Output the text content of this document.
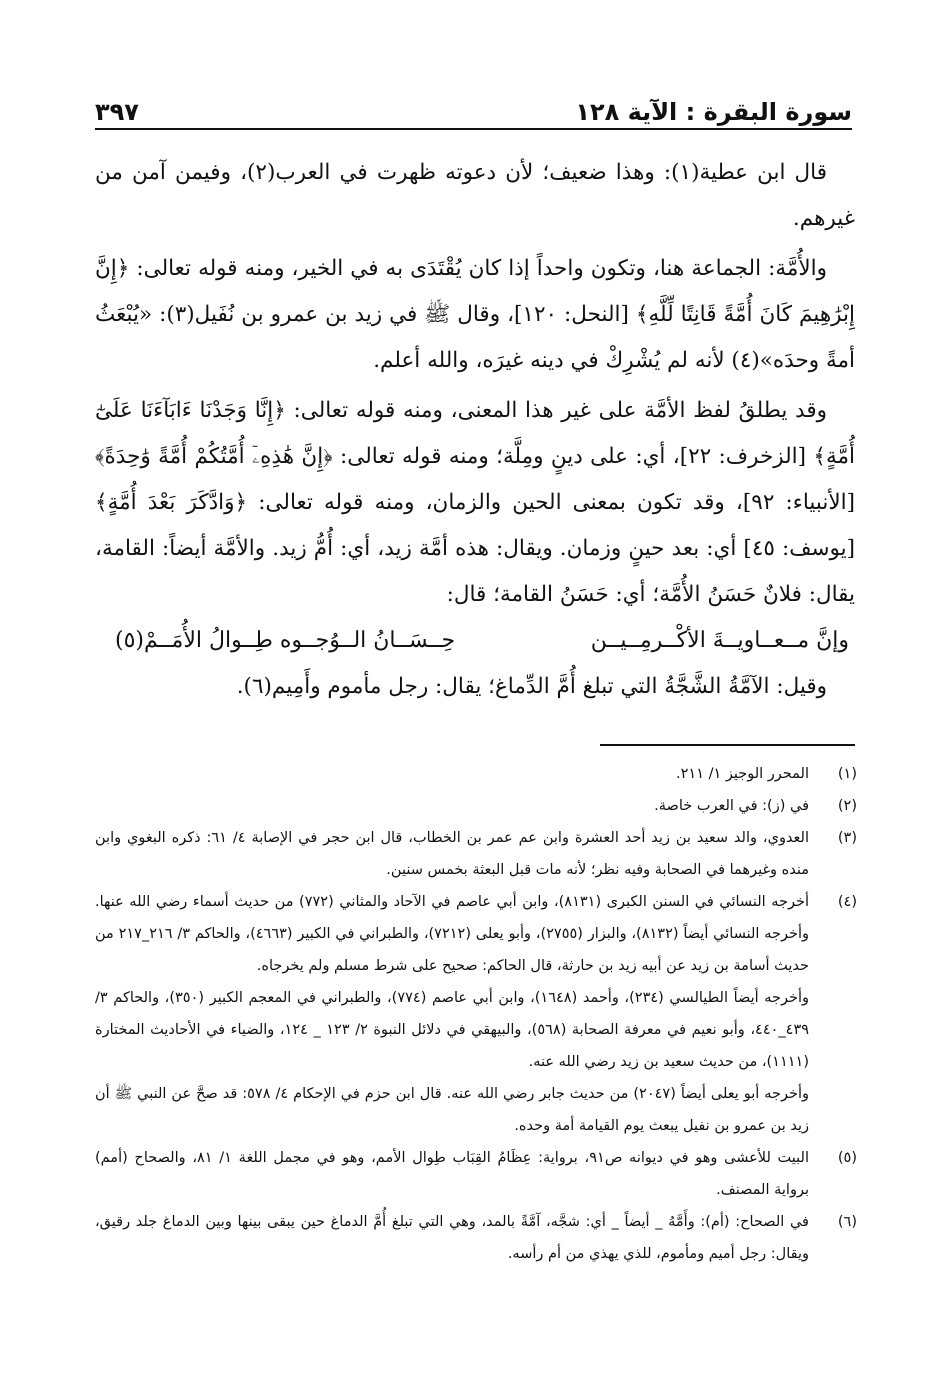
سورة البقرة : الآية ١٢٨
٣٩٧

قال ابن عطية(١): وهذا ضعيف؛ لأن دعوته ظهرت في العرب(٢)، وفيمن آمن من غيرهم.

والأُمَّة: الجماعة هنا، وتكون واحداً إذا كان يُقْتَدَى به في الخير، ومنه قوله تعالى: ﴿إِنَّ إِبْرَٰهِيمَ كَانَ أُمَّةً قَانِتًا لِّلَّهِ﴾ [النحل: ١٢٠]، وقال ﷺ في زيد بن عمرو بن نُفَيل(٣): «يُبْعَثُ أمةً وحدَه»(٤) لأنه لم يُشْرِكْ في دينه غيرَه، والله أعلم.

وقد يطلقُ لفظ الأمَّة على غير هذا المعنى، ومنه قوله تعالى: ﴿إِنَّا وَجَدْنَا ءَابَآءَنَا عَلَىٰٓ أُمَّةٍ﴾ [الزخرف: ٢٢]، أي: على دينٍ ومِلَّة؛ ومنه قوله تعالى: ﴿إِنَّ هَٰذِهِۦٓ أُمَّتُكُمْ أُمَّةً وَٰحِدَةً﴾ [الأنبياء: ٩٢]، وقد تكون بمعنى الحين والزمان، ومنه قوله تعالى: ﴿وَادَّكَرَ بَعْدَ أُمَّةٍ﴾ [يوسف: ٤٥] أي: بعد حينٍ وزمان. ويقال: هذه أمَّة زيد، أي: أُمُّ زيد. والأمَّة أيضاً: القامة، يقال: فلانٌ حَسَنُ الأُمَّة؛ أي: حَسَنُ القامة؛ قال:

وإنَّ مــعــاويــةَ الأكْــرمِــيــن
حِــسَــانُ الــوُجــوه طِــوالُ الأُمَــمْ(٥)

وقيل: الآمَّةُ الشَّجَّةُ التي تبلغ أُمَّ الدِّماغ؛ يقال: رجل مأموم وأَمِيم(٦).

(١)

المحرر الوجيز ١/ ٢١١.

(٢)

في (ز): في العرب خاصة.

(٣)

العدوي، والد سعيد بن زيد أحد العشرة وابن عم عمر بن الخطاب، قال ابن حجر في الإصابة ٤/ ٦١: ذكره البغوي وابن منده وغيرهما في الصحابة وفيه نظر؛ لأنه مات قبل البعثة بخمس سنين.

(٤)

أخرجه النسائي في السنن الكبرى (٨١٣١)، وابن أبي عاصم في الآحاد والمثاني (٧٧٢) من حديث أسماء رضي الله عنها. وأخرجه النسائي أيضاً (٨١٣٢)، والبزار (٢٧٥٥)، وأبو يعلى (٧٢١٢)، والطبراني في الكبير (٤٦٦٣)، والحاكم ٣/ ٢١٦_٢١٧ من حديث أسامة بن زيد عن أبيه زيد بن حارثة، قال الحاكم: صحيح على شرط مسلم ولم يخرجاه.

وأخرجه أيضاً الطيالسي (٢٣٤)، وأحمد (١٦٤٨)، وابن أبي عاصم (٧٧٤)، والطبراني في المعجم الكبير (٣٥٠)، والحاكم ٣/ ٤٣٩_٤٤٠، وأبو نعيم في معرفة الصحابة (٥٦٨)، والبيهقي في دلائل النبوة ٢/ ١٢٣ _ ١٢٤، والضياء في الأحاديث المختارة (١١١١)، من حديث سعيد بن زيد رضي الله عنه.

وأخرجه أبو يعلى أيضاً (٢٠٤٧) من حديث جابر رضي الله عنه. قال ابن حزم في الإحكام ٤/ ٥٧٨: قد صحَّ عن النبي ﷺ أن زيد بن عمرو بن نفيل يبعث يوم القيامة أمة وحده.

(٥)

البيت للأعشى وهو في ديوانه ص٩١، برواية: عِظَامُ القِبَاب طِوال الأمم، وهو في مجمل اللغة ١/ ٨١، والصحاح (أمم) برواية المصنف.

(٦)

في الصحاح: (أم): وأَمَّهُ _ أيضاً _ أي: شجَّه، آمَّةً بالمد، وهي التي تبلغ أُمَّ الدماغ حين يبقى بينها وبين الدماغ جلد رقيق، ويقال: رجل أميم ومأموم، للذي يهذي من أم رأسه.
